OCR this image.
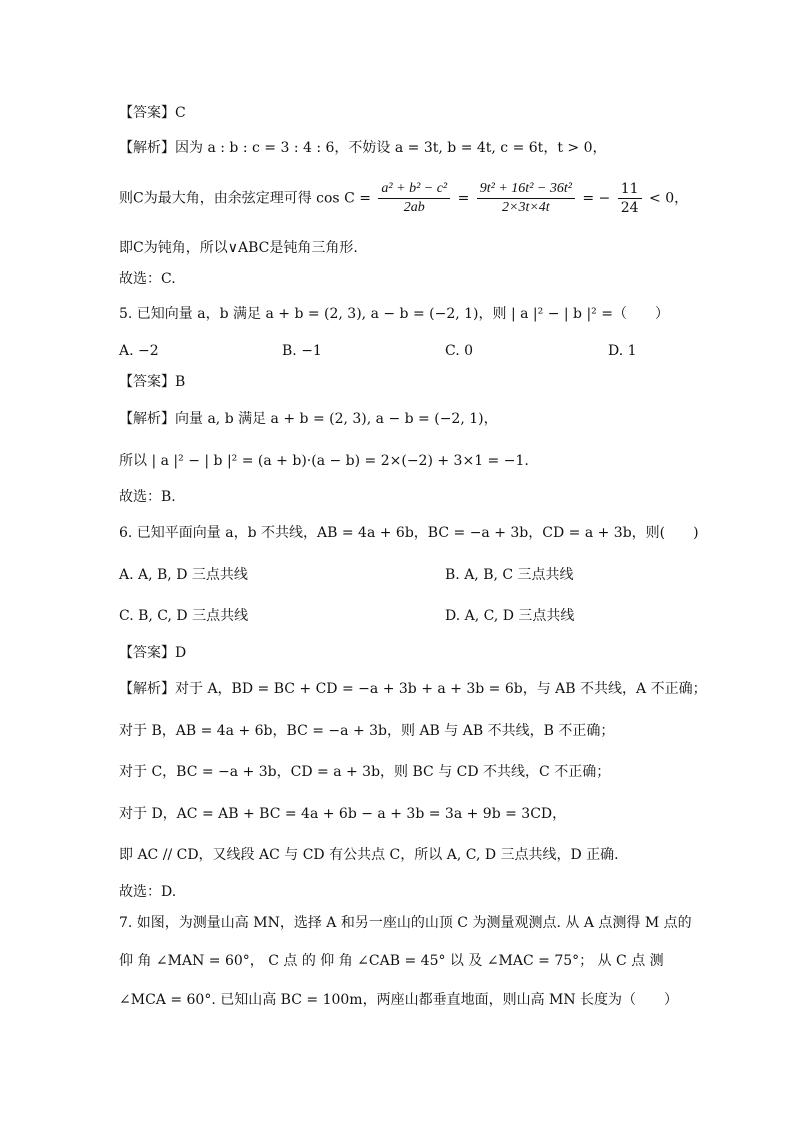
【答案】C
【解析】因为 a : b : c = 3 : 4 : 6，不妨设 a = 3t, b = 4t, c = 6t，t > 0，
则C为最大角，由余弦定理可得 $\cos C = \frac{\text{a² + b² − c²}}{2ab} = \frac{\text{9t² + 16t² − 36t²}}{2\times 3t\times 4t}$ = − $\frac{11}{24} < 0$，
即C为钝角，所以∨ABC是钝角三角形.
故选：C.
5. 已知向量 a，b 满足 a + b = (2, 3), a − b = (−2, 1)，则 | a |² − | b |² =（　　）
A. −2	B. −1	C. 0	D. 1
【答案】B
【解析】向量 a, b 满足 a + b = (2, 3), a − b = (−2, 1)，
所以 | a |² − | b |² = (a + b)·(a − b) = 2×(−2) + 3×1 = −1.
故选：B.
6. 已知平面向量 a，b 不共线，AB = 4a + 6b，BC = −a + 3b，CD = a + 3b，则(　　)
A. A, B, D 三点共线	B. A, B, C 三点共线
C. B, C, D 三点共线	D. A, C, D 三点共线
【答案】D
【解析】对于 A，BD = BC + CD = −a + 3b + a + 3b = 6b，与 AB 不共线，A 不正确；
对于 B，AB = 4a + 6b，BC = −a + 3b，则 AB 与 AB 不共线，B 不正确；
对于 C，BC = −a + 3b，CD = a + 3b，则 BC 与 CD 不共线，C 不正确；
对于 D，AC = AB + BC = 4a + 6b − a + 3b = 3a + 9b = 3CD，
即 AC // CD，又线段 AC 与 CD 有公共点 C，所以 A, C, D 三点共线，D 正确.
故选：D.
7. 如图，为测量山高 MN，选择 A 和另一座山的山顶 C 为测量观测点. 从 A 点测得 M 点的
仰 角 ∠MAN = 60°， C 点 的 仰 角 ∠CAB = 45° 以 及 ∠MAC = 75°； 从 C 点 测
∠MCA = 60°. 已知山高 BC = 100m，两座山都垂直地面，则山高 MN 长度为（　　）
